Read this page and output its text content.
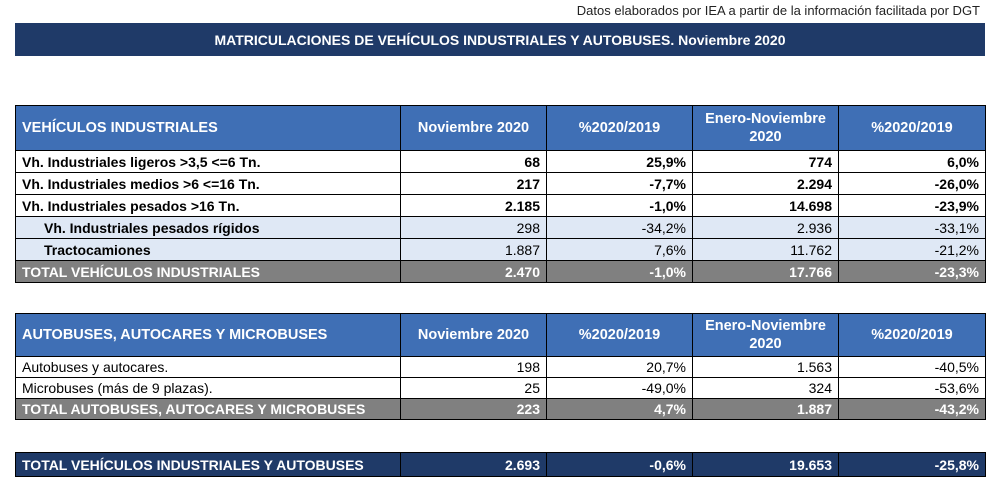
Datos elaborados por IEA a partir de la información facilitada por DGT
MATRICULACIONES DE VEHÍCULOS INDUSTRIALES Y AUTOBUSES. Noviembre 2020
VEHÍCULOS INDUSTRIALES	Noviembre 2020	%2020/2019	Enero-Noviembre 2020	%2020/2019
Vh. Industriales ligeros >3,5 <=6 Tn.	68	25,9%	774	6,0%
Vh. Industriales medios >6 <=16 Tn.	217	-7,7%	2.294	-26,0%
Vh. Industriales pesados >16 Tn.	2.185	-1,0%	14.698	-23,9%
Vh. Industriales pesados rígidos	298	-34,2%	2.936	-33,1%
Tractocamiones	1.887	7,6%	11.762	-21,2%
TOTAL VEHÍCULOS INDUSTRIALES	2.470	-1,0%	17.766	-23,3%
AUTOBUSES, AUTOCARES Y MICROBUSES	Noviembre 2020	%2020/2019	Enero-Noviembre 2020	%2020/2019
Autobuses y autocares.	198	20,7%	1.563	-40,5%
Microbuses (más de 9 plazas).	25	-49,0%	324	-53,6%
TOTAL AUTOBUSES, AUTOCARES Y MICROBUSES	223	4,7%	1.887	-43,2%
TOTAL VEHÍCULOS INDUSTRIALES Y AUTOBUSES	2.693	-0,6%	19.653	-25,8%
